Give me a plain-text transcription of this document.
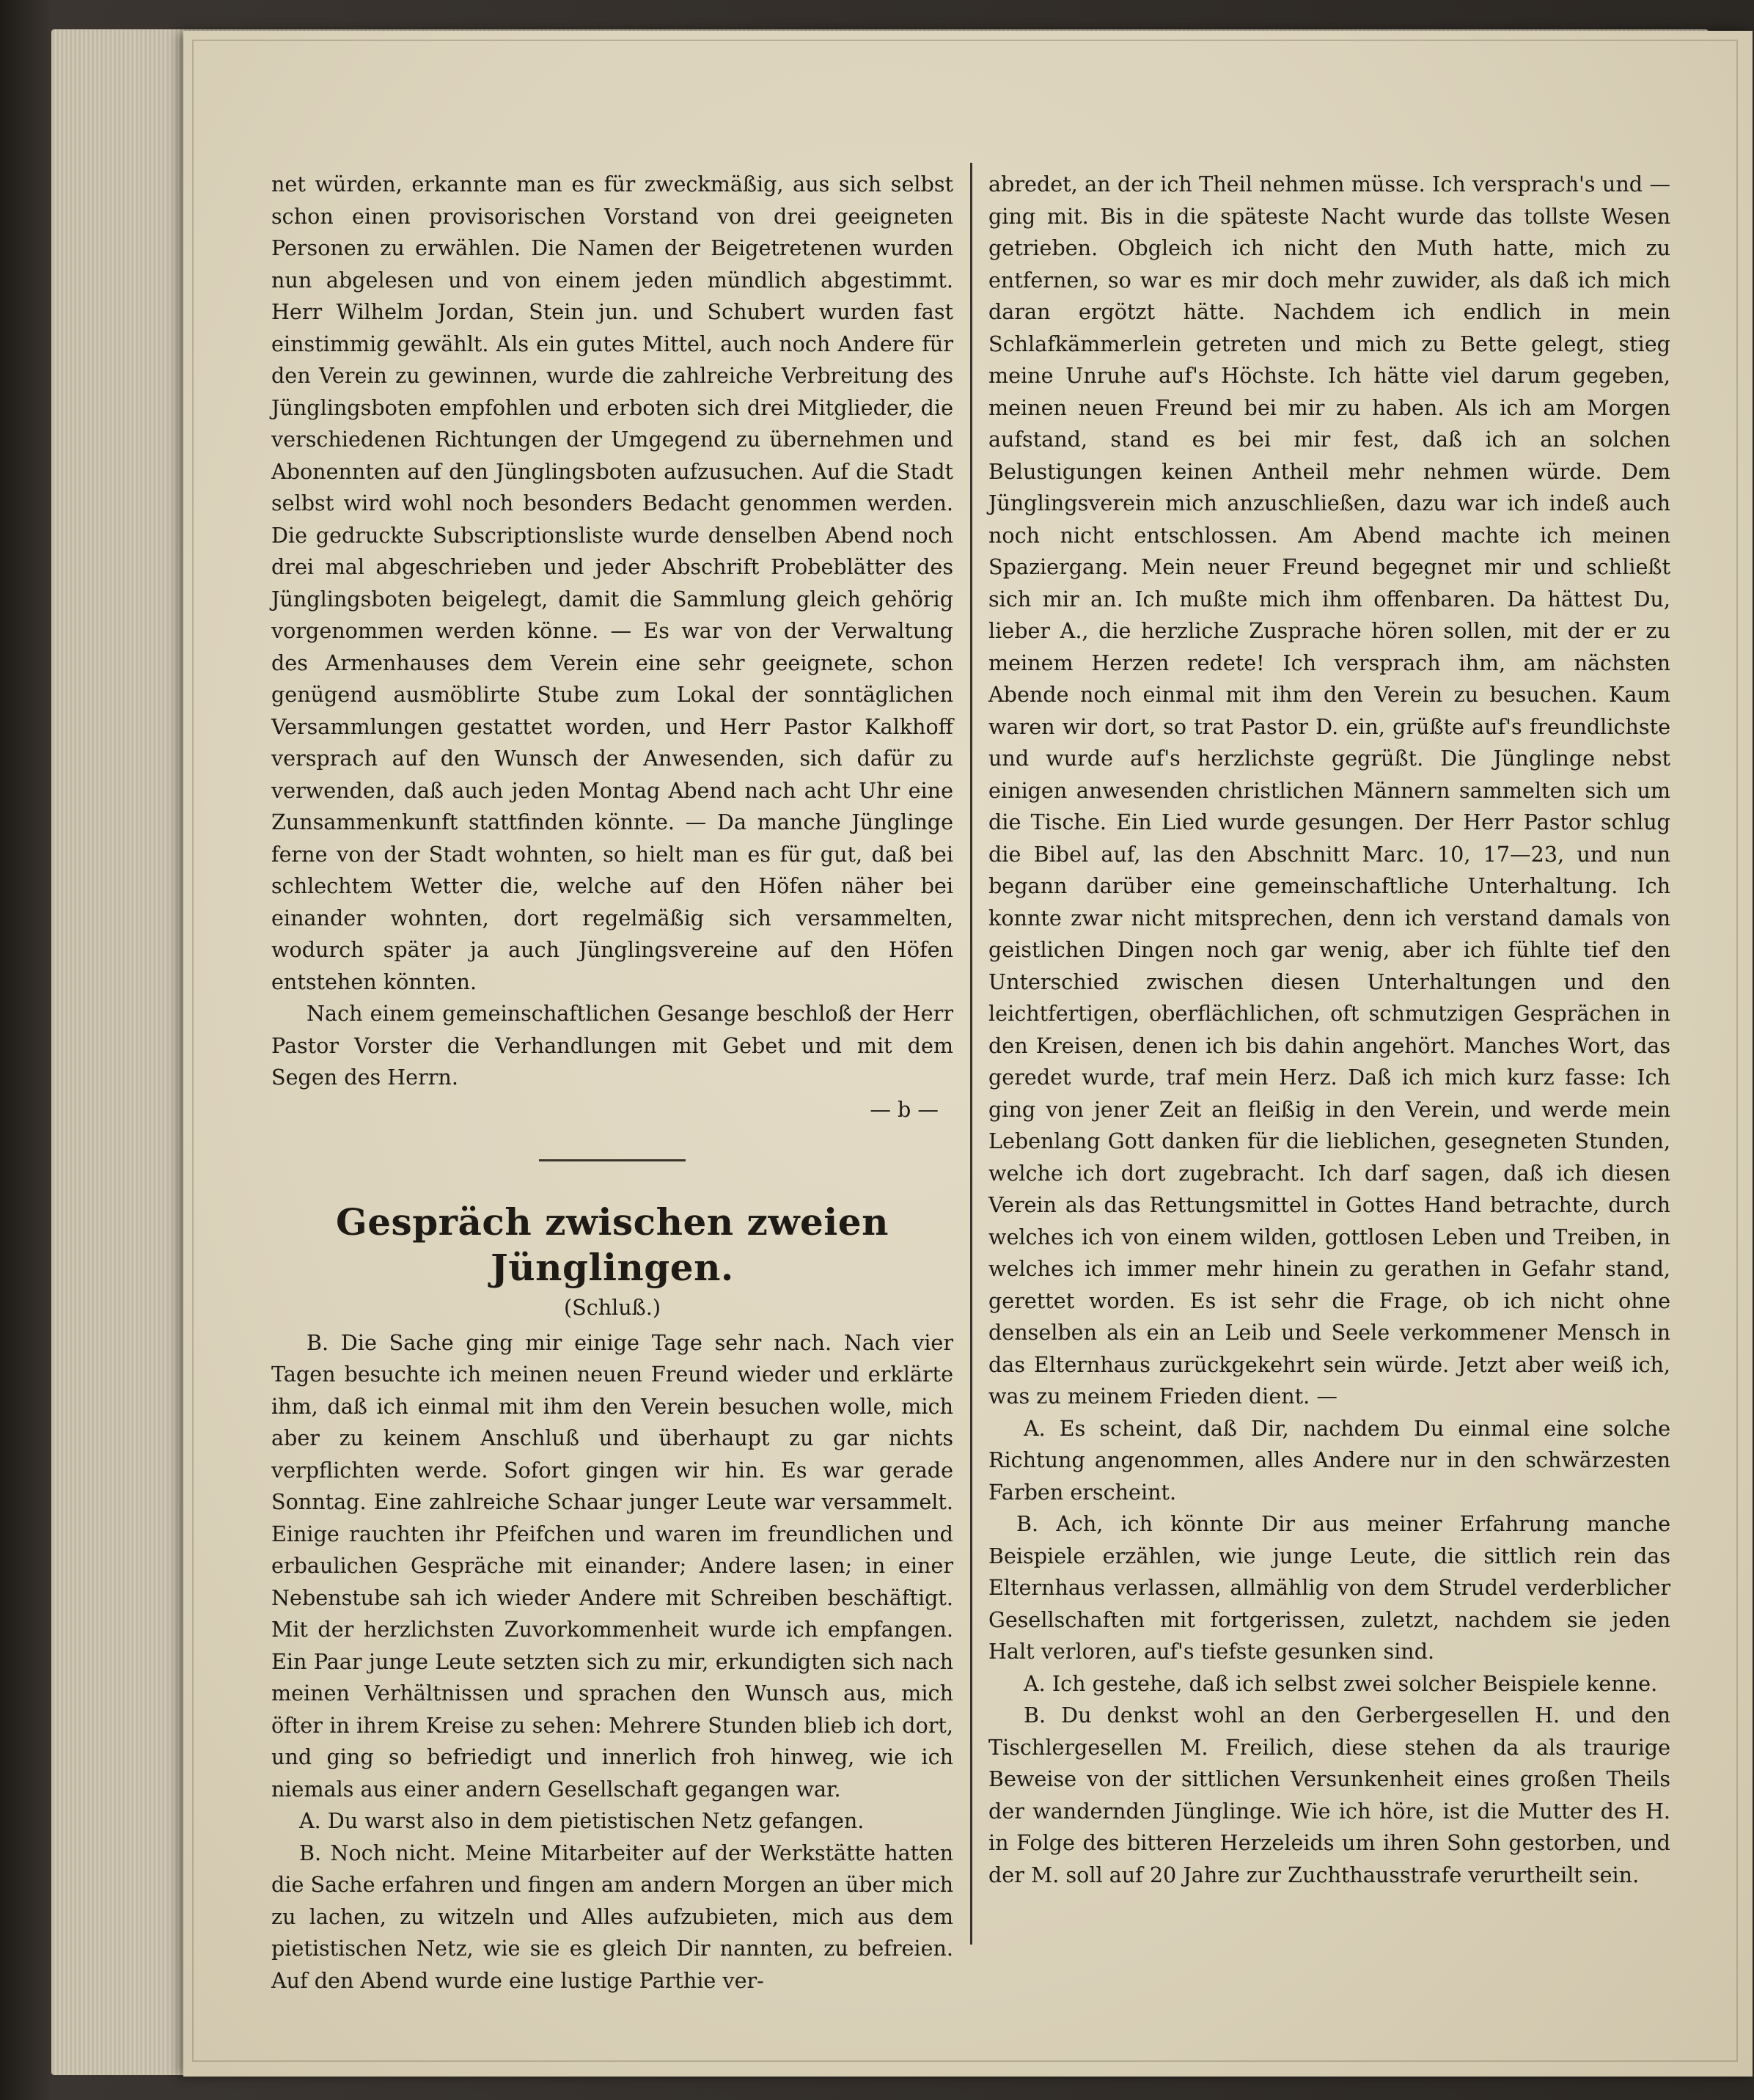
net würden, erkannte man es für zweckmäßig, aus sich selbst schon einen provisorischen Vorstand von drei geeigneten Personen zu erwählen. Die Namen der Beigetretenen wurden nun abgelesen und von einem jeden mündlich abgestimmt. Herr Wilhelm Jordan, Stein jun. und Schubert wurden fast einstimmig gewählt. Als ein gutes Mittel, auch noch Andere für den Verein zu gewinnen, wurde die zahlreiche Verbreitung des Jünglingsboten empfohlen und erboten sich drei Mitglieder, die verschiedenen Richtungen der Umgegend zu übernehmen und Abonennten auf den Jünglingsboten aufzusuchen. Auf die Stadt selbst wird wohl noch besonders Bedacht genommen werden. Die gedruckte Subscriptionsliste wurde denselben Abend noch drei mal abgeschrieben und jeder Abschrift Probeblätter des Jünglingsboten beigelegt, damit die Sammlung gleich gehörig vorgenommen werden könne. — Es war von der Verwaltung des Armenhauses dem Verein eine sehr geeignete, schon genügend ausmöblirte Stube zum Lokal der sonntäglichen Versammlungen gestattet worden, und Herr Pastor Kalkhoff versprach auf den Wunsch der Anwesenden, sich dafür zu verwenden, daß auch jeden Montag Abend nach acht Uhr eine Zunsammenkunft stattfinden könnte. — Da manche Jünglinge ferne von der Stadt wohnten, so hielt man es für gut, daß bei schlechtem Wetter die, welche auf den Höfen näher bei einander wohnten, dort regelmäßig sich versammelten, wodurch später ja auch Jünglingsvereine auf den Höfen entstehen könnten.

Nach einem gemeinschaftlichen Gesange beschloß der Herr Pastor Vorster die Verhandlungen mit Gebet und mit dem Segen des Herrn.

— b —

Gespräch zwischen zweien Jünglingen.

(Schluß.)

B. Die Sache ging mir einige Tage sehr nach. Nach vier Tagen besuchte ich meinen neuen Freund wieder und erklärte ihm, daß ich einmal mit ihm den Verein besuchen wolle, mich aber zu keinem Anschluß und überhaupt zu gar nichts verpflichten werde. Sofort gingen wir hin. Es war gerade Sonntag. Eine zahlreiche Schaar junger Leute war versammelt. Einige rauchten ihr Pfeifchen und waren im freundlichen und erbaulichen Gespräche mit einander; Andere lasen; in einer Nebenstube sah ich wieder Andere mit Schreiben beschäftigt. Mit der herzlichsten Zuvorkommenheit wurde ich empfangen. Ein Paar junge Leute setzten sich zu mir, erkundigten sich nach meinen Verhältnissen und sprachen den Wunsch aus, mich öfter in ihrem Kreise zu sehen: Mehrere Stunden blieb ich dort, und ging so befriedigt und innerlich froh hinweg, wie ich niemals aus einer andern Gesellschaft gegangen war.

A. Du warst also in dem pietistischen Netz gefangen.

B. Noch nicht. Meine Mitarbeiter auf der Werkstätte hatten die Sache erfahren und fingen am andern Morgen an über mich zu lachen, zu witzeln und Alles aufzubieten, mich aus dem pietistischen Netz, wie sie es gleich Dir nannten, zu befreien. Auf den Abend wurde eine lustige Parthie ver-

abredet, an der ich Theil nehmen müsse. Ich versprach's und — ging mit. Bis in die späteste Nacht wurde das tollste Wesen getrieben. Obgleich ich nicht den Muth hatte, mich zu entfernen, so war es mir doch mehr zuwider, als daß ich mich daran ergötzt hätte. Nachdem ich endlich in mein Schlafkämmerlein getreten und mich zu Bette gelegt, stieg meine Unruhe auf's Höchste. Ich hätte viel darum gegeben, meinen neuen Freund bei mir zu haben. Als ich am Morgen aufstand, stand es bei mir fest, daß ich an solchen Belustigungen keinen Antheil mehr nehmen würde. Dem Jünglingsverein mich anzuschließen, dazu war ich indeß auch noch nicht entschlossen. Am Abend machte ich meinen Spaziergang. Mein neuer Freund begegnet mir und schließt sich mir an. Ich mußte mich ihm offenbaren. Da hättest Du, lieber A., die herzliche Zusprache hören sollen, mit der er zu meinem Herzen redete! Ich versprach ihm, am nächsten Abende noch einmal mit ihm den Verein zu besuchen. Kaum waren wir dort, so trat Pastor D. ein, grüßte auf's freundlichste und wurde auf's herzlichste gegrüßt. Die Jünglinge nebst einigen anwesenden christlichen Männern sammelten sich um die Tische. Ein Lied wurde gesungen. Der Herr Pastor schlug die Bibel auf, las den Abschnitt Marc. 10, 17—23, und nun begann darüber eine gemeinschaftliche Unterhaltung. Ich konnte zwar nicht mitsprechen, denn ich verstand damals von geistlichen Dingen noch gar wenig, aber ich fühlte tief den Unterschied zwischen diesen Unterhaltungen und den leichtfertigen, oberflächlichen, oft schmutzigen Gesprächen in den Kreisen, denen ich bis dahin angehört. Manches Wort, das geredet wurde, traf mein Herz. Daß ich mich kurz fasse: Ich ging von jener Zeit an fleißig in den Verein, und werde mein Lebenlang Gott danken für die lieblichen, gesegneten Stunden, welche ich dort zugebracht. Ich darf sagen, daß ich diesen Verein als das Rettungsmittel in Gottes Hand betrachte, durch welches ich von einem wilden, gottlosen Leben und Treiben, in welches ich immer mehr hinein zu gerathen in Gefahr stand, gerettet worden. Es ist sehr die Frage, ob ich nicht ohne denselben als ein an Leib und Seele verkommener Mensch in das Elternhaus zurückgekehrt sein würde. Jetzt aber weiß ich, was zu meinem Frieden dient. —

A. Es scheint, daß Dir, nachdem Du einmal eine solche Richtung angenommen, alles Andere nur in den schwärzesten Farben erscheint.

B. Ach, ich könnte Dir aus meiner Erfahrung manche Beispiele erzählen, wie junge Leute, die sittlich rein das Elternhaus verlassen, allmählig von dem Strudel verderblicher Gesellschaften mit fortgerissen, zuletzt, nachdem sie jeden Halt verloren, auf's tiefste gesunken sind.

A. Ich gestehe, daß ich selbst zwei solcher Beispiele kenne.

B. Du denkst wohl an den Gerbergesellen H. und den Tischlergesellen M. Freilich, diese stehen da als traurige Beweise von der sittlichen Versunkenheit eines großen Theils der wandernden Jünglinge. Wie ich höre, ist die Mutter des H. in Folge des bitteren Herzeleids um ihren Sohn gestorben, und der M. soll auf 20 Jahre zur Zuchthausstrafe verurtheilt sein.
